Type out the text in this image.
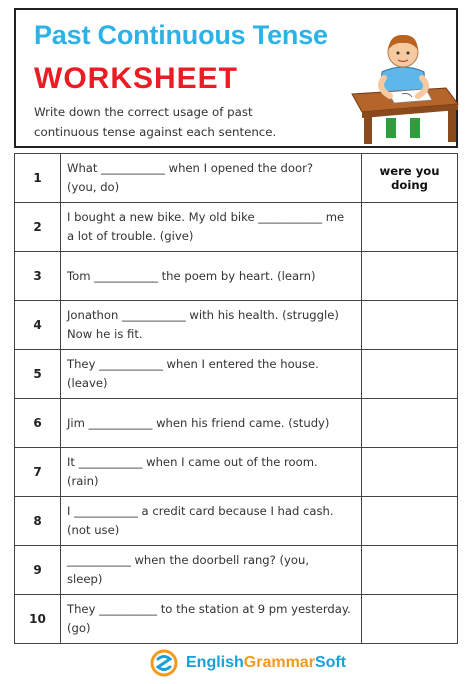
Past Continuous Tense
WORKSHEET
Write down the correct usage of past
continuous tense against each sentence.
1	What ___________ when I opened the door?
(you, do)	were you doing
2	I bought a new bike. My old bike ___________ me
a lot of trouble. (give)	

3	Tom ___________ the poem by heart. (learn)	

4	Jonathon ___________ with his health. (struggle)
Now he is fit.	

5	They ___________ when I entered the house.
(leave)	

6	Jim ___________ when his friend came. (study)	

7	It ___________ when I came out of the room.
(rain)	

8	I ___________ a credit card because I had cash.
(not use)	

9	___________ when the doorbell rang? (you,
sleep)	

10	They __________ to the station at 9 pm yesterday.
(go)	

EnglishGrammarSoft
